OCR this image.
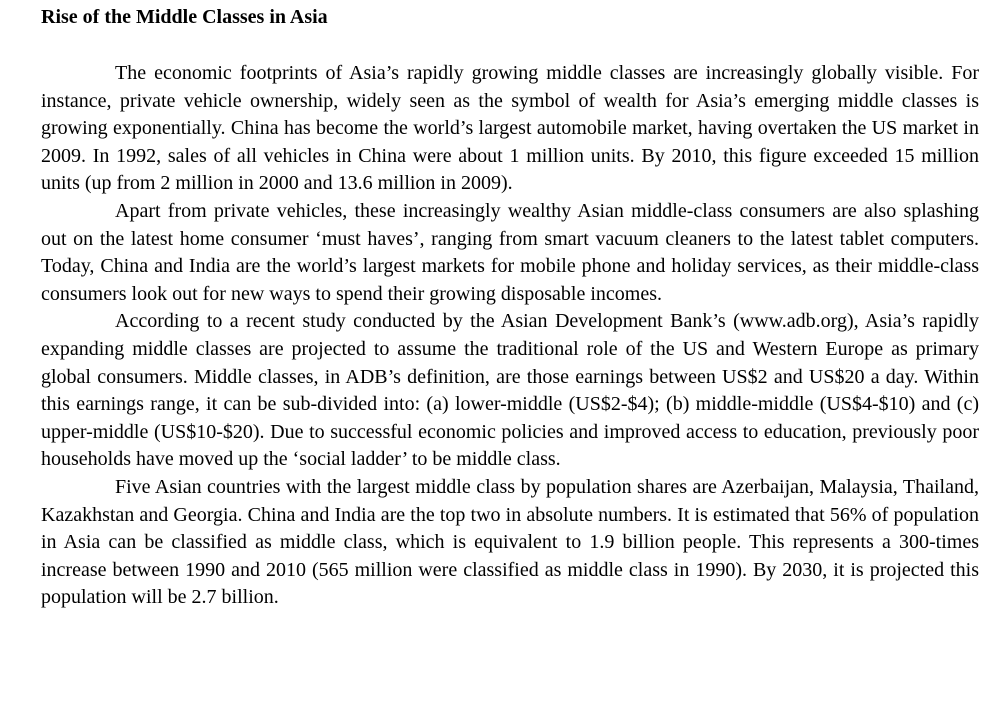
Rise of the Middle Classes in Asia

The economic footprints of Asia’s rapidly growing middle classes are increasingly globally visible. For instance, private vehicle ownership, widely seen as the symbol of wealth for Asia’s emerging middle classes is growing exponentially. China has become the world’s largest automobile market, having overtaken the US market in 2009. In 1992, sales of all vehicles in China were about 1 million units. By 2010, this figure exceeded 15 million units (up from 2 million in 2000 and 13.6 million in 2009).

Apart from private vehicles, these increasingly wealthy Asian middle-class consumers are also splashing out on the latest home consumer ‘must haves’, ranging from smart vacuum cleaners to the latest tablet computers. Today, China and India are the world’s largest markets for mobile phone and holiday services, as their middle-class consumers look out for new ways to spend their growing disposable incomes.

According to a recent study conducted by the Asian Development Bank’s (www.adb.org), Asia’s rapidly expanding middle classes are projected to assume the traditional role of the US and Western Europe as primary global consumers. Middle classes, in ADB’s definition, are those earnings between US$2 and US$20 a day. Within this earnings range, it can be sub-divided into: (a) lower-middle (US$2-$4); (b) middle-middle (US$4-$10) and (c) upper-middle (US$10-$20). Due to successful economic policies and improved access to education, previously poor households have moved up the ‘social ladder’ to be middle class.

Five Asian countries with the largest middle class by population shares are Azerbaijan, Malaysia, Thailand, Kazakhstan and Georgia. China and India are the top two in absolute numbers. It is estimated that 56% of population in Asia can be classified as middle class, which is equivalent to 1.9 billion people. This represents a 300-times increase between 1990 and 2010 (565 million were classified as middle class in 1990). By 2030, it is projected this population will be 2.7 billion.
